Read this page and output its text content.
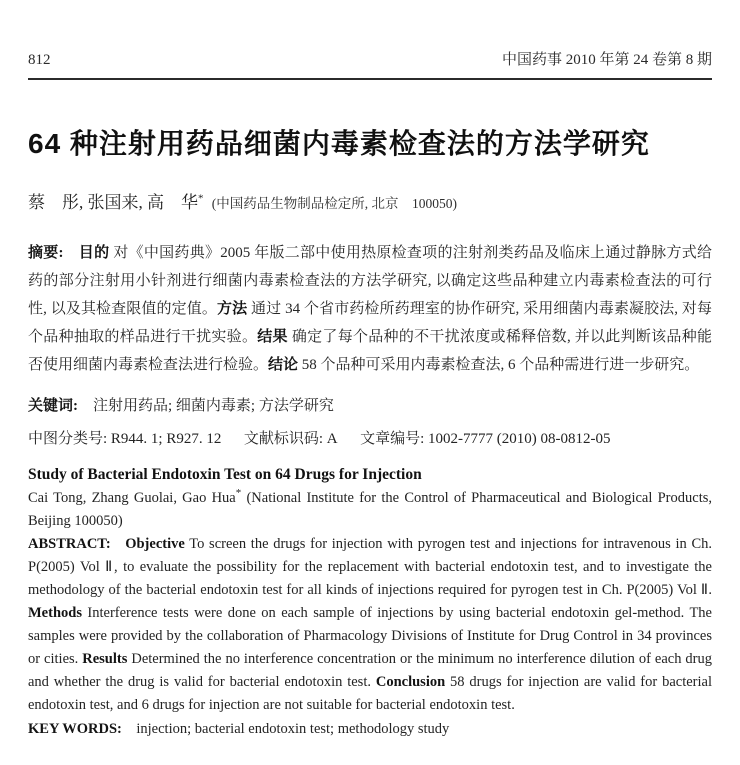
812	中国药事 2010 年第 24 卷第 8 期
64 种注射用药品细菌内毒素检查法的方法学研究
蔡　彤, 张国来, 高　华* (中国药品生物制品检定所, 北京　100050)

摘要:  目的 对《中国药典》2005 年版二部中使用热原检查项的注射剂类药品及临床上通过静脉方式给药的部分注射用小针剂进行细菌内毒素检查法的方法学研究, 以确定这些品种建立内毒素检查法的可行性, 以及其检查限值的定值。方法 通过 34 个省市药检所药理室的协作研究, 采用细菌内毒素凝胶法, 对每个品种抽取的样品进行干扰实验。结果 确定了每个品种的不干扰浓度或稀释倍数, 并以此判断该品种能否使用细菌内毒素检查法进行检验。结论 58 个品种可采用内毒素检查法, 6 个品种需进行进一步研究。

关键词:  注射用药品; 细菌内毒素; 方法学研究
中图分类号: R944. 1; R927. 12   文献标识码: A   文章编号: 1002-7777 (2010) 08-0812-05
Study of Bacterial Endotoxin Test on 64 Drugs for Injection
Cai Tong, Zhang Guolai, Gao Hua* (National Institute for the Control of Pharmaceutical and Biological Products, Beijing 100050)

ABSTRACT:  Objective To screen the drugs for injection with pyrogen test and injections for intravenous in Ch. P(2005) Vol Ⅱ, to evaluate the possibility for the replacement with bacterial endotoxin test, and to investigate the methodology of the bacterial endotoxin test for all kinds of injections required for pyrogen test in Ch. P(2005) Vol Ⅱ. Methods Interference tests were done on each sample of injections by using bacterial endotoxin gel-method. The samples were provided by the collaboration of Pharmacology Divisions of Institute for Drug Control in 34 provinces or cities. Results Determined the no interference concentration or the minimum no interference dilution of each drug and whether the drug is valid for bacterial endotoxin test. Conclusion 58 drugs for injection are valid for bacterial endotoxin test, and 6 drugs for injection are not suitable for bacterial endotoxin test.

KEY WORDS:  injection; bacterial endotoxin test; methodology study
